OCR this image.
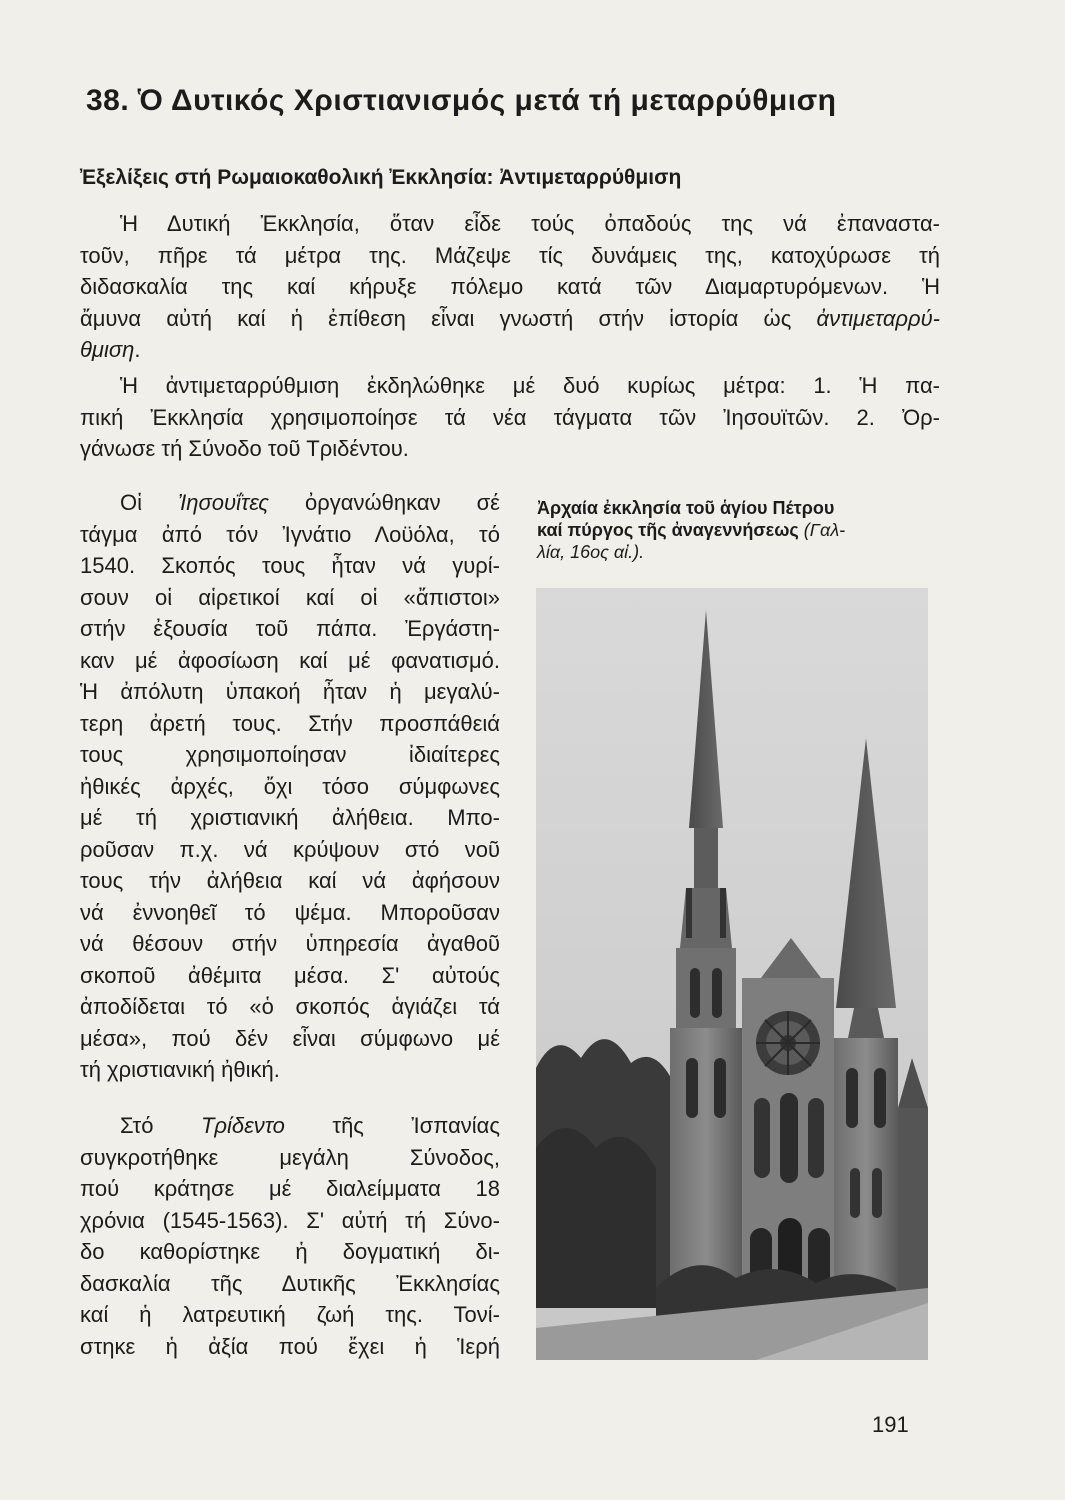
38. Ὁ Δυτικός Χριστιανισμός μετά τή μεταρρύθμιση
Ἐξελίξεις στή Ρωμαιοκαθολική Ἐκκλησία: Ἀντιμεταρρύθμιση

Ἡ Δυτική Ἐκκλησία, ὅταν εἶδε τούς ὀπαδούς της νά ἐπαναστα-
τοῦν, πῆρε τά μέτρα της. Μάζεψε τίς δυνάμεις της, κατοχύρωσε τή
διδασκαλία της καί κήρυξε πόλεμο κατά τῶν Διαμαρτυρόμενων. Ἡ
ἄμυνα αὐτή καί ἡ ἐπίθεση εἶναι γνωστή στήν ἱστορία ὡς ἀντιμεταρρύ-
θμιση.

Ἡ ἀντιμεταρρύθμιση ἐκδηλώθηκε μέ δυό κυρίως μέτρα: 1. Ἡ πα-
πική Ἐκκλησία χρησιμοποίησε τά νέα τάγματα τῶν Ἰησουϊτῶν. 2. Ὀρ-
γάνωσε τή Σύνοδο τοῦ Τριδέντου.

Οἱ Ἰησουΐτες ὀργανώθηκαν σέ
τάγμα ἀπό τόν Ἰγνάτιο Λοϋόλα, τό
1540. Σκοπός τους ἦταν νά γυρί-
σουν οἱ αἱρετικοί καί οἱ «ἄπιστοι»
στήν ἐξουσία τοῦ πάπα. Ἐργάστη-
καν μέ ἀφοσίωση καί μέ φανατισμό.
Ἡ ἀπόλυτη ὑπακοή ἦταν ἡ μεγαλύ-
τερη ἀρετή τους. Στήν προσπάθειά
τους χρησιμοποίησαν ἰδιαίτερες
ἠθικές ἀρχές, ὄχι τόσο σύμφωνες
μέ τή χριστιανική ἀλήθεια. Μπο-
ροῦσαν π.χ. νά κρύψουν στό νοῦ
τους τήν ἀλήθεια καί νά ἀφήσουν
νά ἐννοηθεῖ τό ψέμα. Μποροῦσαν
νά θέσουν στήν ὑπηρεσία ἀγαθοῦ
σκοποῦ ἀθέμιτα μέσα. Σ' αὐτούς
ἀποδίδεται τό «ὁ σκοπός ἁγιάζει τά
μέσα», πού δέν εἶναι σύμφωνο μέ
τή χριστιανική ἠθική.

Στό Τρίδεντο τῆς Ἰσπανίας
συγκροτήθηκε μεγάλη Σύνοδος,
πού κράτησε μέ διαλείμματα 18
χρόνια (1545-1563). Σ' αὐτή τή Σύνο-
δο καθορίστηκε ἡ δογματική δι-
δασκαλία τῆς Δυτικῆς Ἐκκλησίας
καί ἡ λατρευτική ζωή της. Τονί-
στηκε ἡ ἀξία πού ἔχει ἡ Ἱερή

Ἀρχαία ἐκκλησία τοῦ ἁγίου Πέτρου
καί πύργος τῆς ἀναγεννήσεως (Γαλ-
λία, 16ος αἰ.).
191
